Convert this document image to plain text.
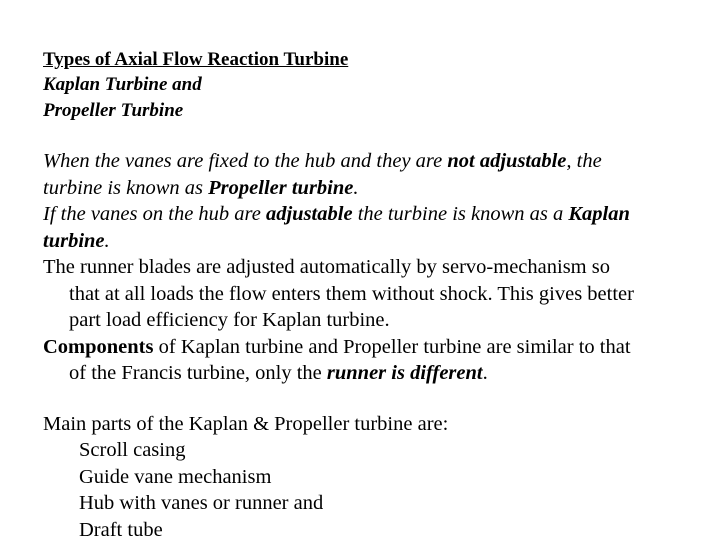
Types of Axial Flow Reaction Turbine
Kaplan Turbine and
Propeller Turbine
When the vanes are fixed to the hub and they are not adjustable, the
turbine is known as Propeller turbine.
If the vanes on the hub are adjustable the turbine is known as a Kaplan
turbine.
The runner blades are adjusted automatically by servo-mechanism so
that at all loads the flow enters them without shock. This gives better
part load efficiency for Kaplan turbine.
Components of Kaplan turbine and Propeller turbine are similar to that
of the Francis turbine, only the runner is different.
Main parts of the Kaplan & Propeller turbine are:
Scroll casing
Guide vane mechanism
Hub with vanes or runner and
Draft tube
